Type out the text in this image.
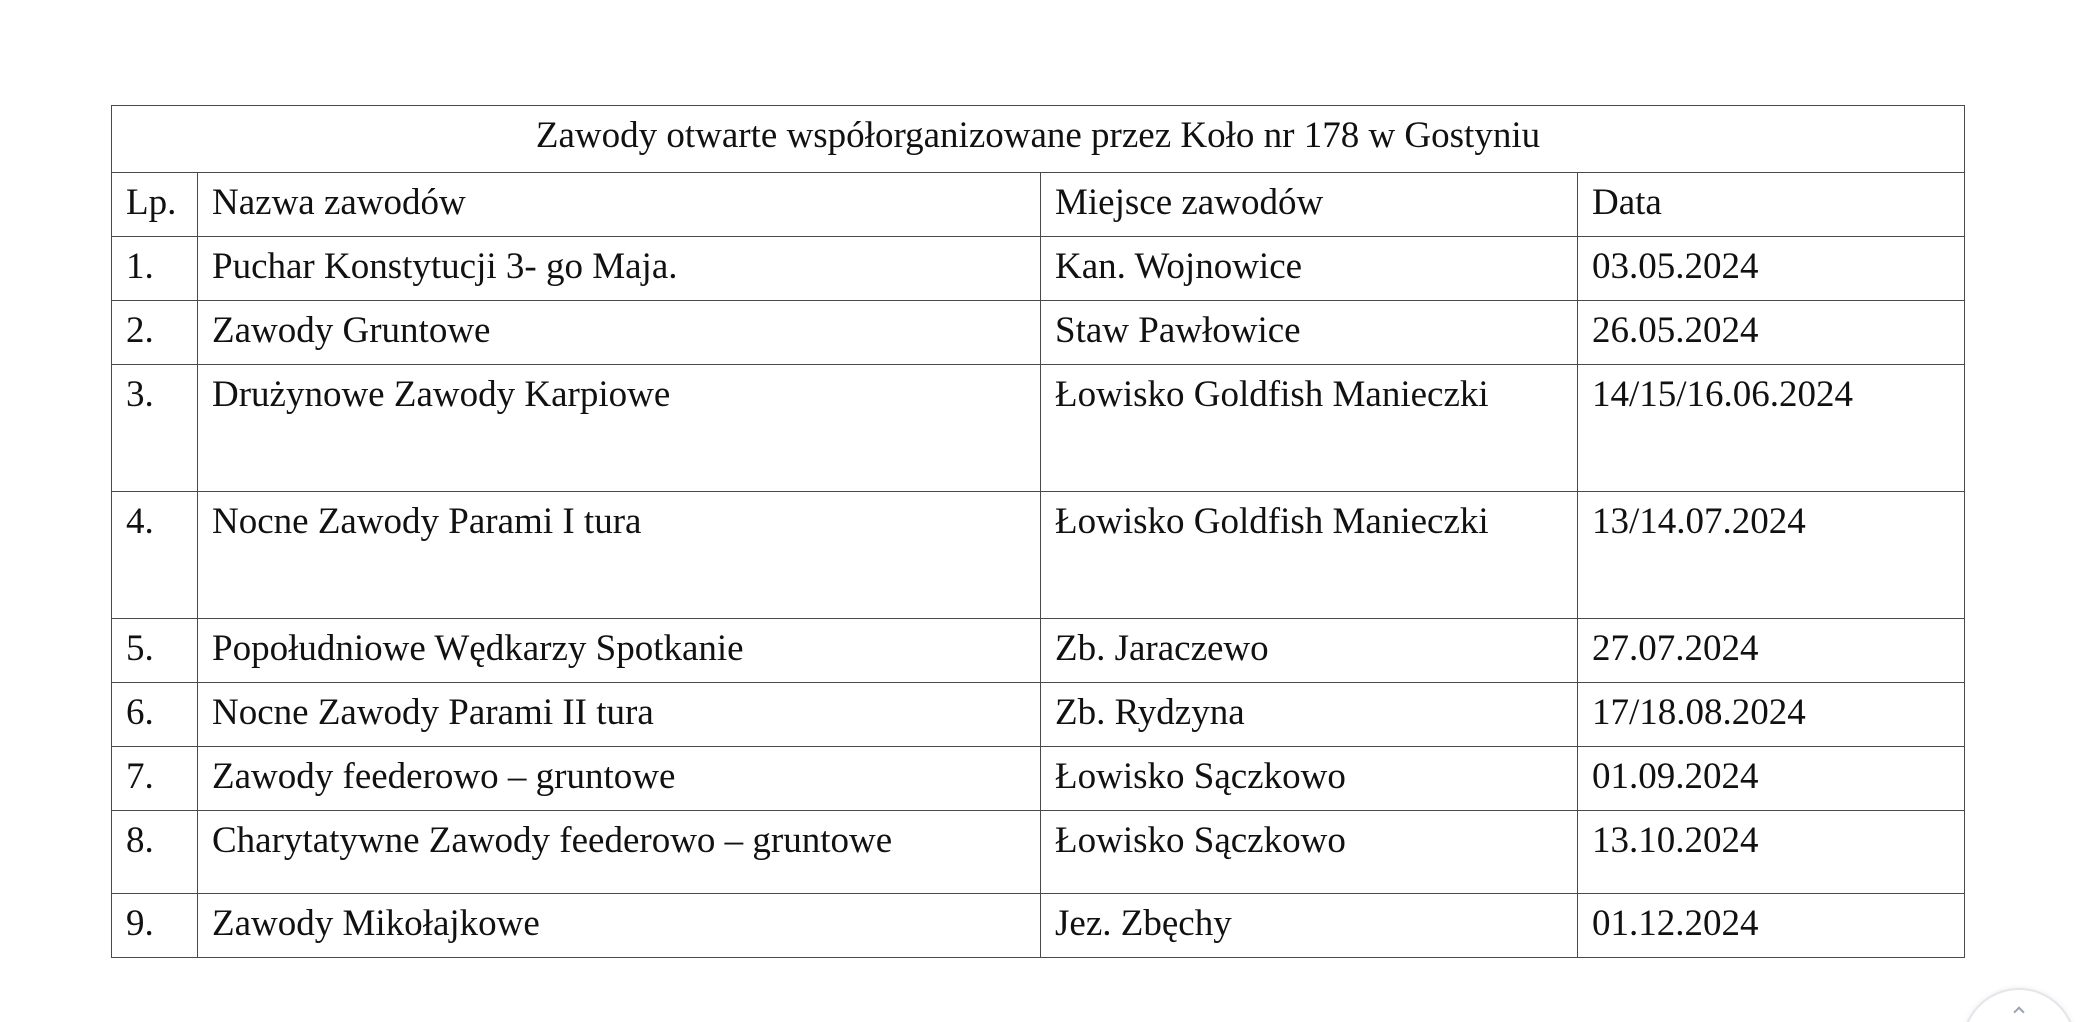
Zawody otwarte współorganizowane przez Koło nr 178 w Gostyniu			
Lp.	Nazwa zawodów	Miejsce zawodów	Data
1.	Puchar Konstytucji 3- go Maja.	Kan. Wojnowice	03.05.2024
2.	Zawody Gruntowe	Staw Pawłowice	26.05.2024
3.	Drużynowe Zawody Karpiowe	Łowisko Goldfish Manieczki	14/15/16.06.2024
4.	Nocne Zawody Parami I tura	Łowisko Goldfish Manieczki	13/14.07.2024
5.	Popołudniowe Wędkarzy Spotkanie	Zb. Jaraczewo	27.07.2024
6.	Nocne Zawody Parami II tura	Zb. Rydzyna	17/18.08.2024
7.	Zawody feederowo – gruntowe	Łowisko Sączkowo	01.09.2024
8.	Charytatywne Zawody feederowo – gruntowe	Łowisko Sączkowo	13.10.2024
9.	Zawody Mikołajkowe	Jez. Zbęchy	01.12.2024
